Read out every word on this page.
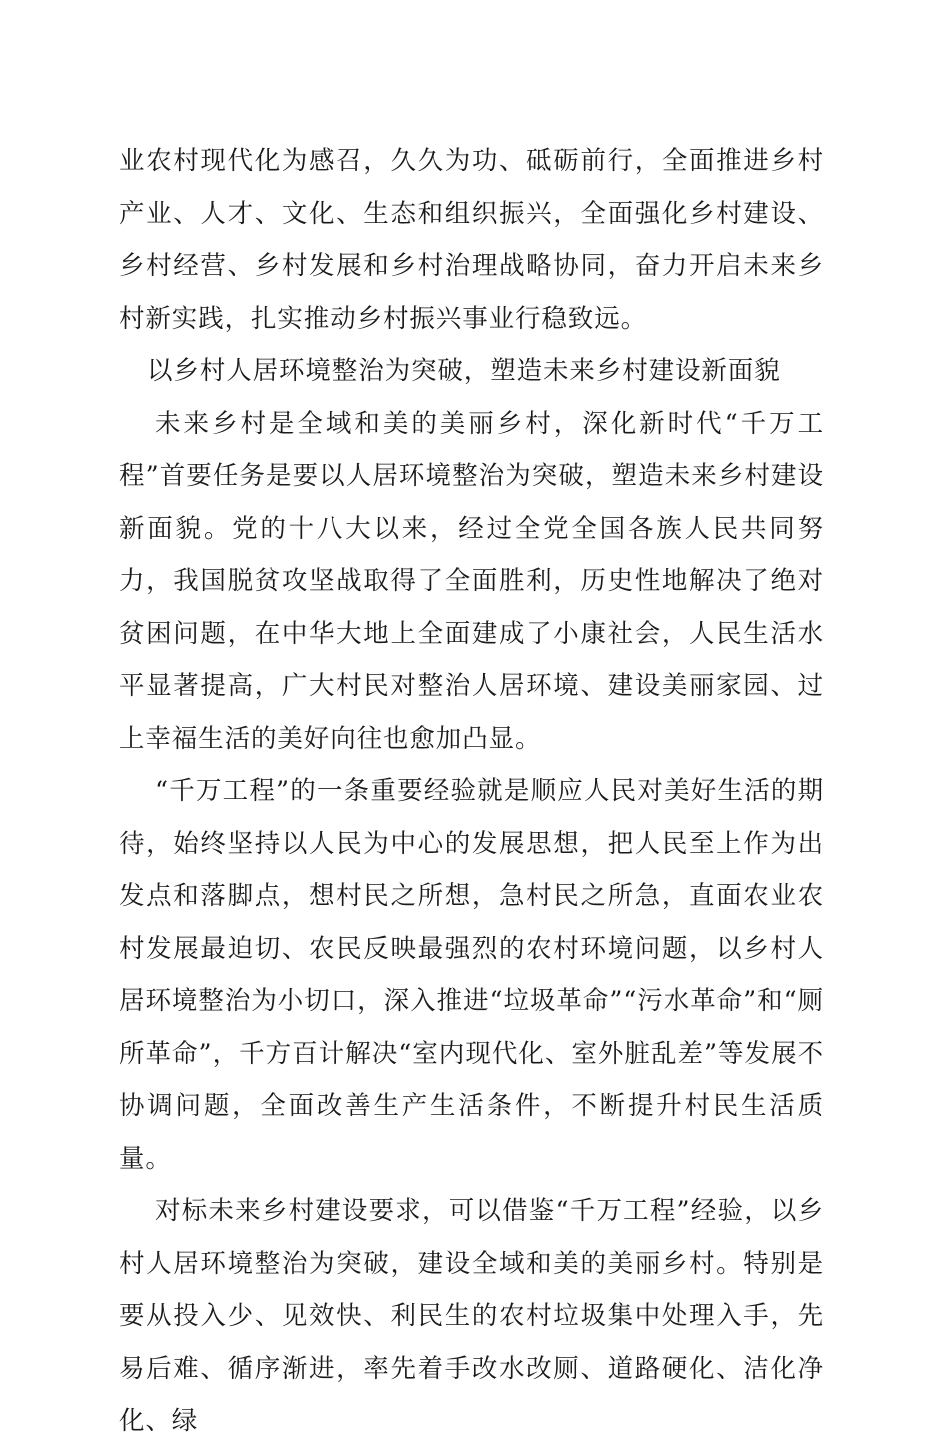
业农村现代化为感召，久久为功、砥砺前行，全面推进乡村产业、人才、文化、生态和组织振兴，全面强化乡村建设、乡村经营、乡村发展和乡村治理战略协同，奋力开启未来乡村新实践，扎实推动乡村振兴事业行稳致远。

以乡村人居环境整治为突破，塑造未来乡村建设新面貌

未来乡村是全域和美的美丽乡村，深化新时代“千万工程”首要任务是要以人居环境整治为突破，塑造未来乡村建设新面貌。党的十八大以来，经过全党全国各族人民共同努力，我国脱贫攻坚战取得了全面胜利，历史性地解决了绝对贫困问题，在中华大地上全面建成了小康社会，人民生活水平显著提高，广大村民对整治人居环境、建设美丽家园、过上幸福生活的美好向往也愈加凸显。

“千万工程”的一条重要经验就是顺应人民对美好生活的期待，始终坚持以人民为中心的发展思想，把人民至上作为出发点和落脚点，想村民之所想，急村民之所急，直面农业农村发展最迫切、农民反映最强烈的农村环境问题，以乡村人居环境整治为小切口，深入推进“垃圾革命”“污水革命”和“厕所革命”，千方百计解决“室内现代化、室外脏乱差”等发展不协调问题，全面改善生产生活条件，不断提升村民生活质量。

对标未来乡村建设要求，可以借鉴“千万工程”经验，以乡村人居环境整治为突破，建设全域和美的美丽乡村。特别是要从投入少、见效快、利民生的农村垃圾集中处理入手，先易后难、循序渐进，率先着手改水改厕、道路硬化、洁化净化、绿
